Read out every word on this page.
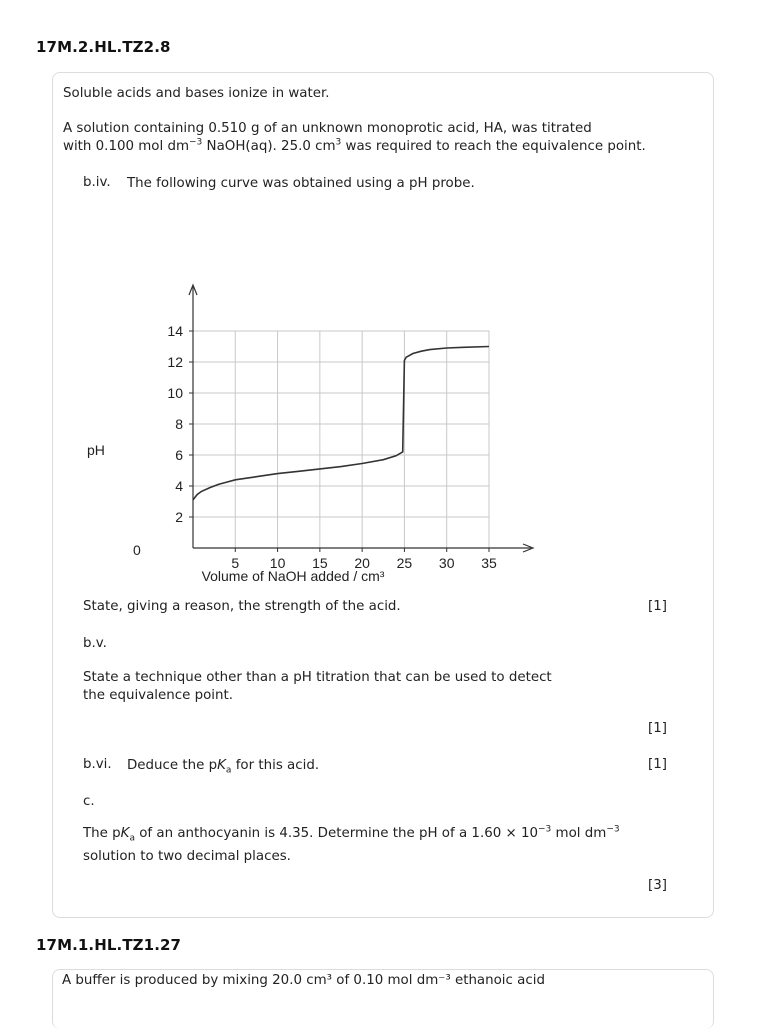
17M.2.HL.TZ2.8
Soluble acids and bases ionize in water.
A solution containing 0.510 g of an unknown monoprotic acid, HA, was titrated
with 0.100 mol $dm^{-3}$ NaOH(aq). 25.0 $cm^3$ was required to reach the equivalence point.
b.iv. The following curve was obtained using a pH probe.
2
4
6
8
10
12
14
5 10 15 20 25 30 35
pH
Volume of NaOH added / cm³
0
State, giving a reason, the strength of the acid.	[1]
b.v.
State a technique other than a pH titration that can be used to detect
the equivalence point.
[1]
b.vi. Deduce the $pK_a$ for this acid.	[1]
c.
The $pK_a$ of an anthocyanin is 4.35. Determine the pH of a $1.60 \times 10^{-3}$ mol $dm^{-3}$
solution to two decimal places.
[3]
17M.1.HL.TZ1.27
A buffer is produced by mixing 20.0 cm³ of 0.10 mol dm⁻³ ethanoic acid
